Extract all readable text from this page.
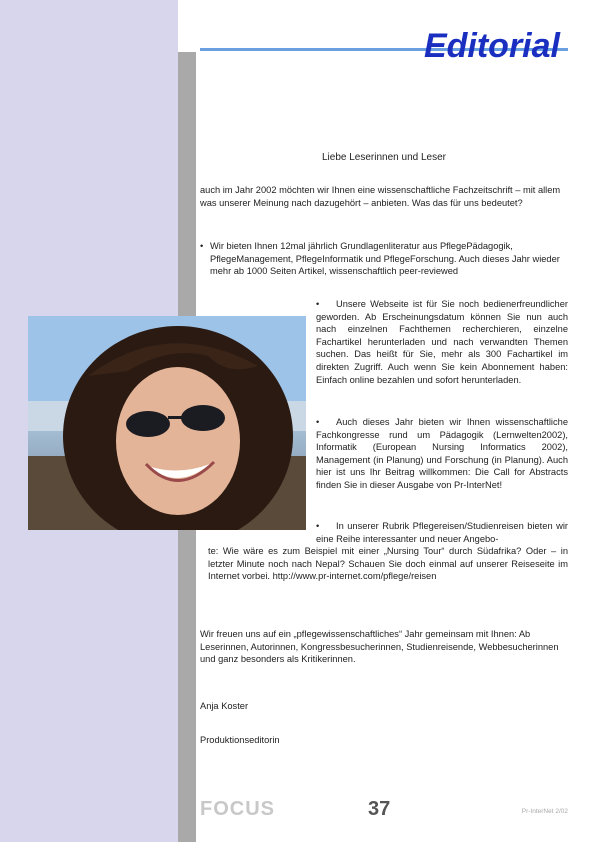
Editorial

Liebe Leserinnen und Leser

auch im Jahr 2002 möchten wir Ihnen eine wissenschaftliche Fachzeitschrift – mit allem was unserer Meinung nach dazugehört – anbieten. Was das für uns bedeutet?

• Wir bieten Ihnen 12mal jährlich Grundlagenliteratur aus PflegePädagogik,
PflegeManagement, PflegeInformatik und PflegeForschung. Auch dieses Jahr wieder mehr ab 1000 Seiten Artikel, wissenschaftlich peer-reviewed

• Unsere Webseite ist für Sie noch bedienerfreundlicher geworden. Ab Erscheinungsdatum können Sie nun auch nach einzelnen Fachthemen recherchieren, einzelne Fachartikel herunterladen und nach verwandten Themen suchen. Das heißt für Sie, mehr als 300 Fachartikel im direkten Zugriff. Auch wenn Sie kein Abonnement haben: Einfach online bezahlen und sofort herunterladen.

• Auch dieses Jahr bieten wir Ihnen wissenschaftliche Fachkongresse rund um Pädagogik (Lernwelten2002), Informatik (European Nursing Informatics 2002), Management (in Planung) und Forschung (in Planung). Auch hier ist uns Ihr Beitrag willkommen: Die Call for Abstracts finden Sie in dieser Ausgabe von Pr-InterNet!

• In unserer Rubrik Pflegereisen/Studienreisen bieten wir eine Reihe interessanter und neuer Angebo-

te: Wie wäre es zum Beispiel mit einer „Nursing Tour“ durch Südafrika? Oder – in letzter Minute noch nach Nepal? Schauen Sie doch einmal auf unserer Reiseseite im Internet vorbei. http://www.pr-internet.com/pflege/reisen

Wir freuen uns auf ein „pflegewissenschaftliches“ Jahr gemeinsam mit Ihnen: Ab Leserinnen, Autorinnen, Kongressbesucherinnen, Studienreisende, Webbesucherinnen und ganz besonders als Kritikerinnen.

Anja Koster

Produktionseditorin

FOCUS	37	Pr-InterNet 2/02
